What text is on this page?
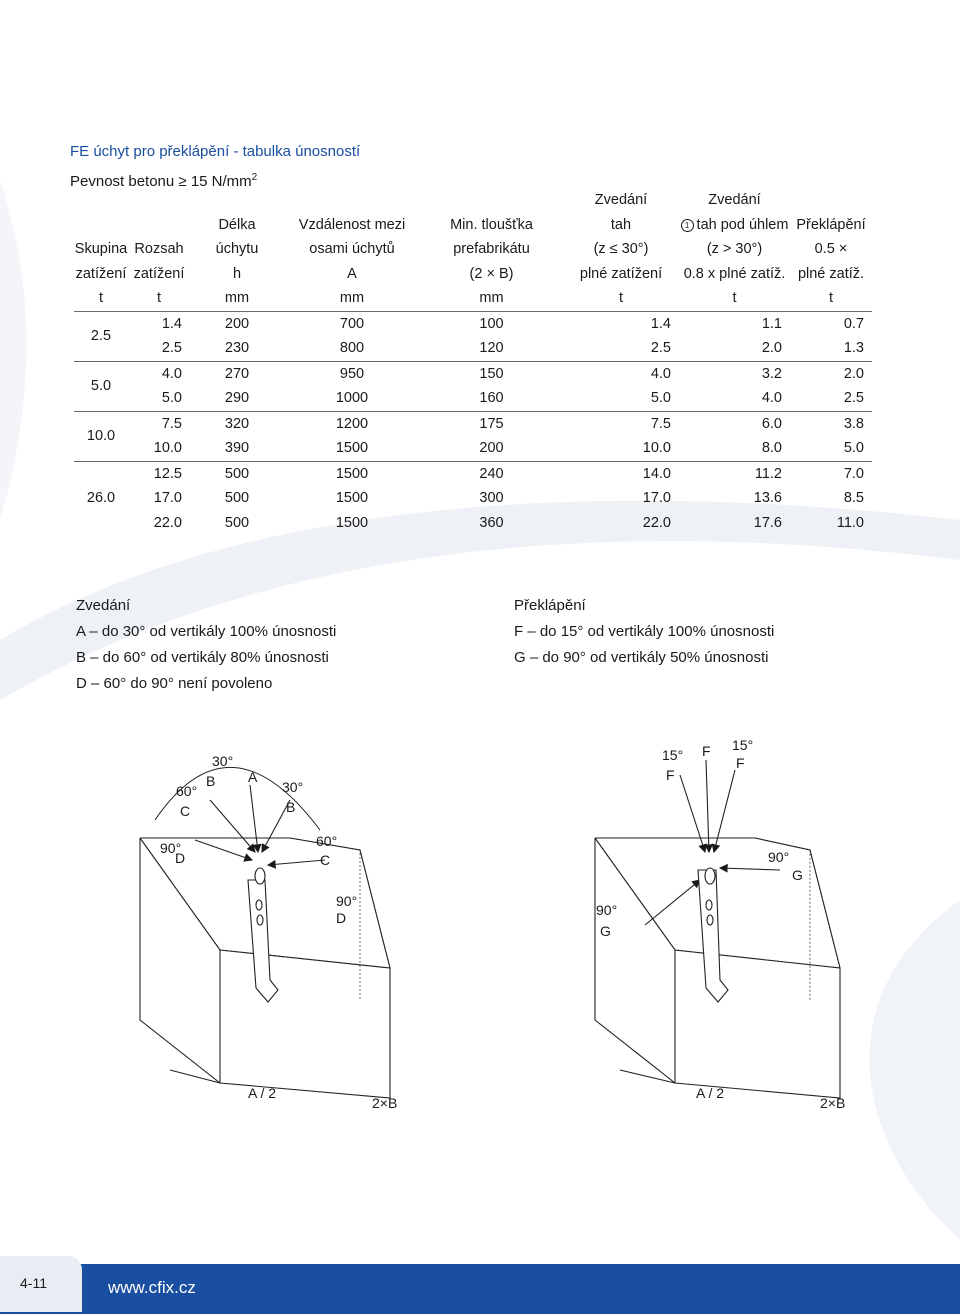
FE úchyt pro překlápění - tabulka únosností
Pevnost betonu ≥ 15 $N/mm^2$
					Zvedání	Zvedání	
		Délka	Vzdálenost mezi	Min. tloušťka	tah	1 tah pod úhlem	Překlápění
Skupina	Rozsah	úchytu	osami úchytů	prefabrikátu	(z ≤ 30°)	(z > 30°)	0.5 ×
zatížení	zatížení	h	A	(2 × B)	plné zatížení	0.8 x plné zatíž.	plné zatíž.
t	t	mm	mm	mm	t	t	t
2.5	1.4	200	700	100	1.4	1.1	0.7
	2.5	230	800	120	2.5	2.0	1.3
5.0	4.0	270	950	150	4.0	3.2	2.0
	5.0	290	1000	160	5.0	4.0	2.5
10.0	7.5	320	1200	175	7.5	6.0	3.8
	10.0	390	1500	200	10.0	8.0	5.0
26.0	12.5	500	1500	240	14.0	11.2	7.0
	17.0	500	1500	300	17.0	13.6	8.5
	22.0	500	1500	360	22.0	17.6	11.0
Zvedání
A – do 30° od vertikály 100% únosnosti
B – do 60° od vertikály 80% únosnosti
D – 60° do 90° není povoleno
Překlápění
F – do 15° od vertikály 100% únosnosti
G – do 90° od vertikály 50% únosnosti
30°
B A
60°
C
30°
B
90°
D
60°
C
90°
D
A / 2
2×B
15°
F
F 15°
F
90°
G
90°
G
A / 2
2×B
4-11	www.cfix.cz
